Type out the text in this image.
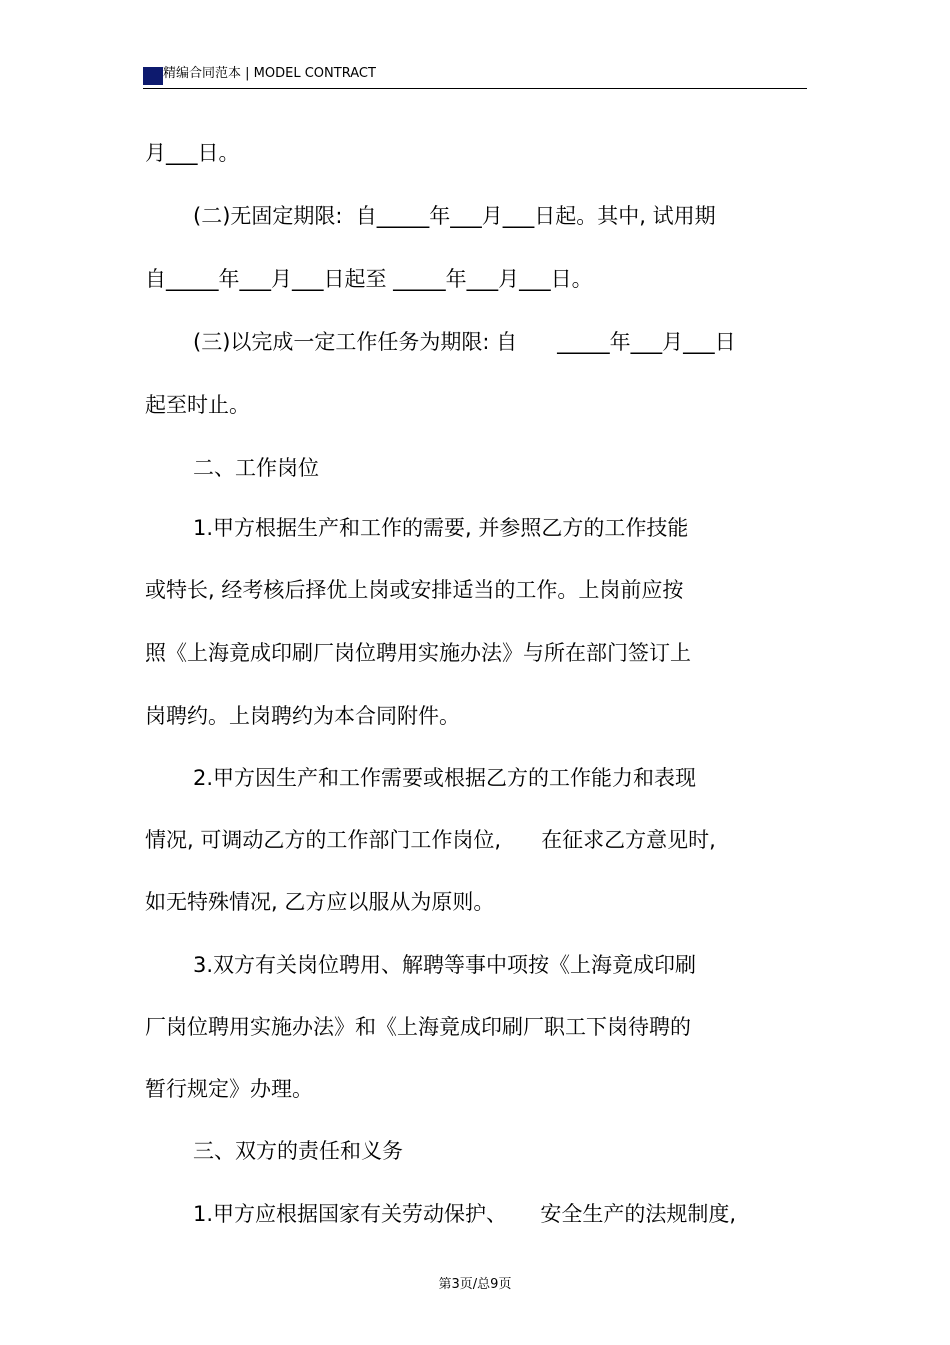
精编合同范本 | MODEL CONTRACT
月___日。
(二)无固定期限:  自_____年___月___日起。其中, 试用期
自_____年___月___日起至 _____年___月___日。
(三)以完成一定工作任务为期限: 自      _____年___月___日
起至时止。
二、工作岗位
1.甲方根据生产和工作的需要, 并参照乙方的工作技能
或特长, 经考核后择优上岗或安排适当的工作。上岗前应按
照《上海竟成印刷厂岗位聘用实施办法》与所在部门签订上
岗聘约。上岗聘约为本合同附件。
2.甲方因生产和工作需要或根据乙方的工作能力和表现
情况, 可调动乙方的工作部门工作岗位,      在征求乙方意见时,
如无特殊情况, 乙方应以服从为原则。
3.双方有关岗位聘用、解聘等事中项按《上海竟成印刷
厂岗位聘用实施办法》和《上海竟成印刷厂职工下岗待聘的
暂行规定》办理。
三、双方的责任和义务
1.甲方应根据国家有关劳动保护、     安全生产的法规制度,
第3页/总9页
